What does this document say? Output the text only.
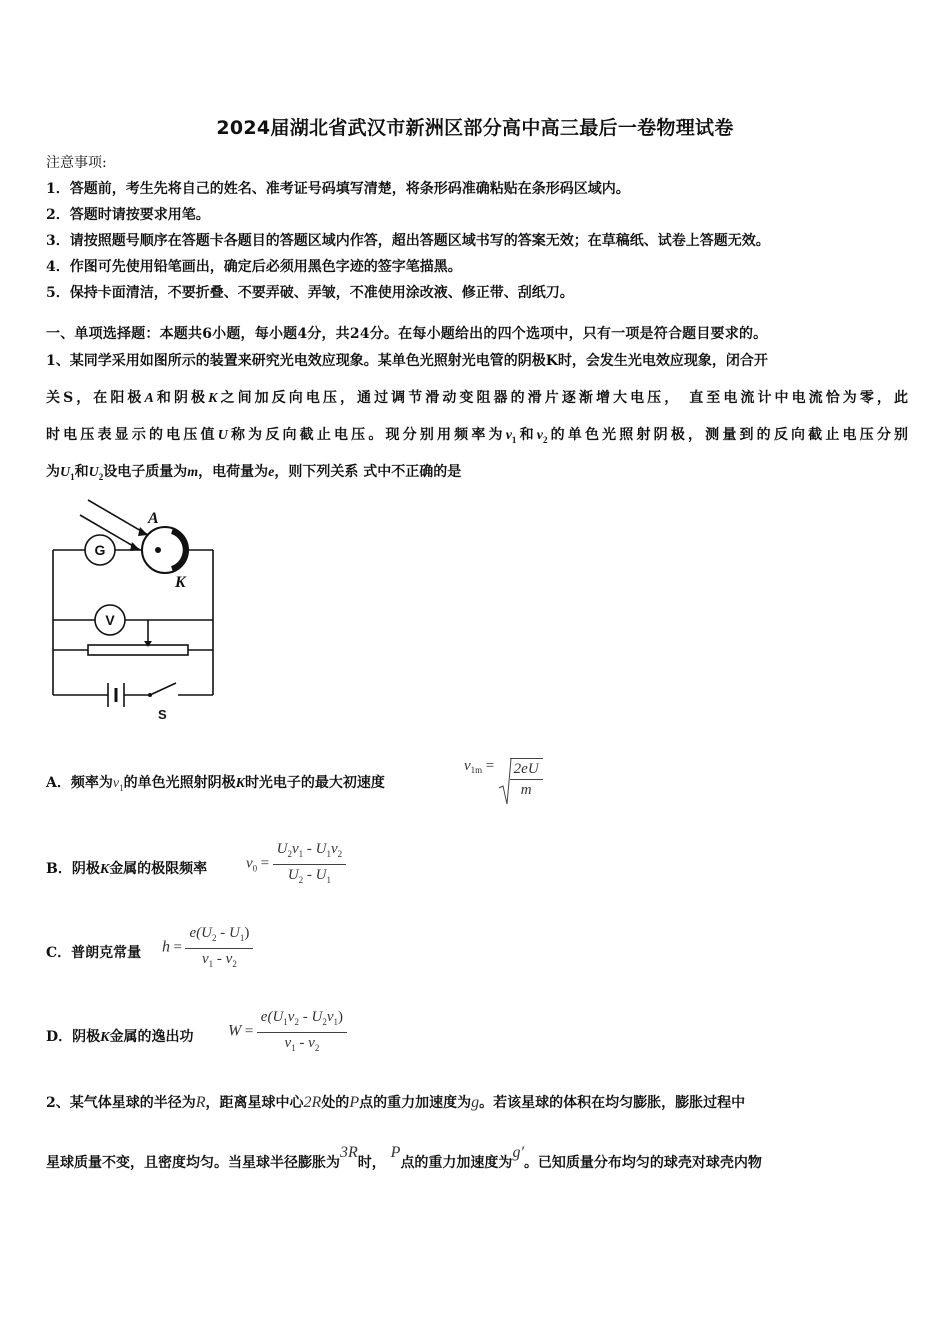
2024届湖北省武汉市新洲区部分高中高三最后一卷物理试卷
注意事项:
1．答题前，考生先将自己的姓名、准考证号码填写清楚，将条形码准确粘贴在条形码区域内。
2．答题时请按要求用笔。
3．请按照题号顺序在答题卡各题目的答题区域内作答，超出答题区域书写的答案无效；在草稿纸、试卷上答题无效。
4．作图可先使用铅笔画出，确定后必须用黑色字迹的签字笔描黑。
5．保持卡面清洁，不要折叠、不要弄破、弄皱，不准使用涂改液、修正带、刮纸刀。
一、单项选择题：本题共6小题，每小题4分，共24分。在每小题给出的四个选项中，只有一项是符合题目要求的。
1、某同学采用如图所示的装置来研究光电效应现象。某单色光照射光电管的阴极K时，会发生光电效应现象，闭合开
关S，在阳极A和阴极K之间加反向电压，通过调节滑动变阻器的滑片逐渐增大电压， 直至电流计中电流恰为零，此
时电压表显示的电压值U称为反向截止电压。现分别用频率为$v_1$和$v_2$的单色光照射阴极，测量到的反向截止电压分别
为$U_1$和$U_2$设电子质量为m，电荷量为e，则下列关系 式中不正确的是
G
V
A
K
S
A．频率为$v_1$的单色光照射阴极K时光电子的最大初速度
$v_{1m} = \frac{2eU}{m}$
B．阴极K金属的极限频率	$v_0 = \frac{U_2v_1 - U_1v_2}{U_2 - U_1}$
C．普朗克常量 $h = \frac{e(U_2 - U_1)}{v_1 - v_2}$
D．阴极K金属的逸出功 $W = \frac{e(U_1v_2 - U_2v_1)}{v_1 - v_2}$
2、某气体星球的半径为R，距离星球中心2R处的P点的重力加速度为g。若该星球的体积在均匀膨胀，膨胀过程中
星球质量不变，且密度均匀。当星球半径膨胀为3R时， P点的重力加速度为g′。已知质量分布均匀的球壳对球壳内物
